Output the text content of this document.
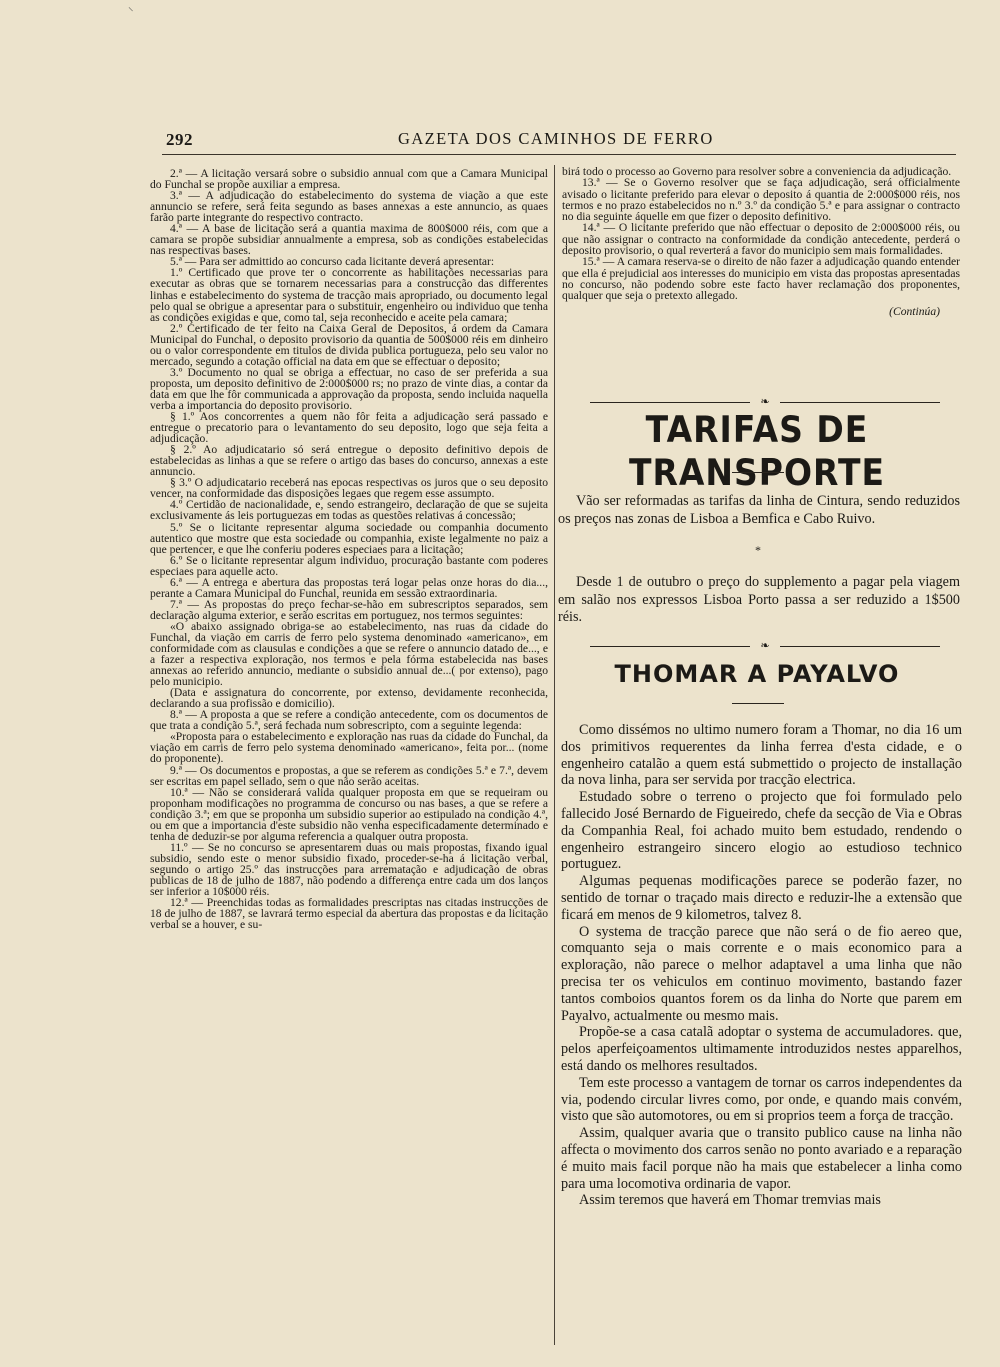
⸌
292	GAZETA DOS CAMINHOS DE FERRO

2.ª — A licitação versará sobre o subsidio annual com que a Camara Municipal do Funchal se propõe auxiliar a empresa.

3.ª — A adjudicação do estabelecimento do systema de viação a que este annuncio se refere, será feita segundo as bases annexas a este annuncio, as quaes farão parte integrante do respectivo contracto.

4.ª — A base de licitação será a quantia maxima de 800$000 réis, com que a camara se propõe subsidiar annualmente a empresa, sob as condições estabelecidas nas respectivas bases.

5.ª — Para ser admittido ao concurso cada licitante deverá apresentar:

1.º Certificado que prove ter o concorrente as habilitações necessarias para executar as obras que se tornarem necessarias para a construcção das differentes linhas e estabelecimento do systema de tracção mais apropriado, ou documento legal pelo qual se obrigue a apresentar para o substituir, engenheiro ou individuo que tenha as condições exigidas e que, como tal, seja reconhecido e aceite pela camara;

2.º Certificado de ter feito na Caixa Geral de Depositos, á ordem da Camara Municipal do Funchal, o deposito provisorio da quantia de 500$000 réis em dinheiro ou o valor correspondente em titulos de divida publica portugueza, pelo seu valor no mercado, segundo a cotação official na data em que se effectuar o deposito;

3.º Documento no qual se obriga a effectuar, no caso de ser preferida a sua proposta, um deposito definitivo de 2:000$000 rs; no prazo de vinte dias, a contar da data em que lhe fôr communicada a approvação da proposta, sendo incluida naquella verba a importancia do deposito provisorio.

§ 1.º Aos concorrentes a quem não fôr feita a adjudicação será passado e entregue o precatorio para o levantamento do seu deposito, logo que seja feita a adjudicação.

§ 2.º Ao adjudicatario só será entregue o deposito definitivo depois de estabelecidas as linhas a que se refere o artigo das bases do concurso, annexas a este annuncio.

§ 3.º O adjudicatario receberá nas epocas respectivas os juros que o seu deposito vencer, na conformidade das disposições legaes que regem esse assumpto.

4.º Certidão de nacionalidade, e, sendo estrangeiro, declaração de que se sujeita exclusivamente ás leis portuguezas em todas as questões relativas á concessão;

5.º Se o licitante representar alguma sociedade ou companhia documento autentico que mostre que esta sociedade ou companhia, existe legalmente no paiz a que pertencer, e que lhe conferiu poderes especiaes para a licitação;

6.º Se o licitante representar algum individuo, procuração bastante com poderes especiaes para aquelle acto.

6.ª — A entrega e abertura das propostas terá logar pelas onze horas do dia..., perante a Camara Municipal do Funchal, reunida em sessão extraordinaria.

7.ª — As propostas do preço fechar-se-hão em subrescriptos separados, sem declaração alguma exterior, e serão escritas em portuguez, nos termos seguintes:

«O abaixo assignado obriga-se ao estabelecimento, nas ruas da cidade do Funchal, da viação em carris de ferro pelo systema denominado «americano», em conformidade com as clausulas e condições a que se refere o annuncio datado de..., e a fazer a respectiva exploração, nos termos e pela fórma estabelecida nas bases annexas ao referido annuncio, mediante o subsidio annual de...( por extenso), pago pelo municipio.

(Data e assignatura do concorrente, por extenso, devidamente reconhecida, declarando a sua profissão e domicilio).

8.ª — A proposta a que se refere a condição antecedente, com os documentos de que trata a condição 5.ª, será fechada num sobrescripto, com a seguinte legenda:

«Proposta para o estabelecimento e exploração nas ruas da cidade do Funchal, da viação em carris de ferro pelo systema denominado «americano», feita por... (nome do proponente).

9.ª — Os documentos e propostas, a que se referem as condições 5.ª e 7.ª, devem ser escritas em papel sellado, sem o que não serão aceitas.

10.ª — Não se considerará valida qualquer proposta em que se requeiram ou proponham modificações no programma de concurso ou nas bases, a que se refere a condição 3.ª; em que se proponha um subsidio superior ao estipulado na condição 4.ª, ou em que a importancia d'este subsidio não venha especificadamente determinado e tenha de deduzir-se por alguma referencia a qualquer outra proposta.

11.º — Se no concurso se apresentarem duas ou mais propostas, fixando igual subsidio, sendo este o menor subsidio fixado, proceder-se-ha á licitação verbal, segundo o artigo 25.º das instrucções para arrematação e adjudicação de obras publicas de 18 de julho de 1887, não podendo a differença entre cada um dos lanços ser inferior a 10$000 réis.

12.ª — Preenchidas todas as formalidades prescriptas nas citadas instrucções de 18 de julho de 1887, se lavrará termo especial da abertura das propostas e da licitação verbal se a houver, e su-

birá todo o processo ao Governo para resolver sobre a conveniencia da adjudicação.

13.ª — Se o Governo resolver que se faça adjudicação, será officialmente avisado o licitante preferido para elevar o deposito á quantia de 2:000$000 réis, nos termos e no prazo estabelecidos no n.º 3.º da condição 5.ª e para assignar o contracto no dia seguinte áquelle em que fizer o deposito definitivo.

14.ª — O licitante preferido que não effectuar o deposito de 2:000$000 réis, ou que não assignar o contracto na conformidade da condição antecedente, perderá o deposito provisorio, o qual reverterá a favor do municipio sem mais formalidades.

15.ª — A camara reserva-se o direito de não fazer a adjudicação quando entender que ella é prejudicial aos interesses do municipio em vista das propostas apresentadas no concurso, não podendo sobre este facto haver reclamação dos proponentes, qualquer que seja o pretexto allegado.

(Continúa)
❧
TARIFAS DE TRANSPORTE

Vão ser reformadas as tarifas da linha de Cintura, sendo reduzidos os preços nas zonas de Lisboa a Bemfica e Cabo Ruivo.

*

Desde 1 de outubro o preço do supplemento a pagar pela viagem em salão nos expressos Lisboa Porto passa a ser reduzido a 1$500 réis.

❧
THOMAR A PAYALVO

Como dissémos no ultimo numero foram a Thomar, no dia 16 um dos primitivos requerentes da linha ferrea d'esta cidade, e o engenheiro catalão a quem está submettido o projecto de installação da nova linha, para ser servida por tracção electrica.

Estudado sobre o terreno o projecto que foi formulado pelo fallecido José Bernardo de Figueiredo, chefe da secção de Via e Obras da Companhia Real, foi achado muito bem estudado, rendendo o engenheiro estrangeiro sincero elogio ao estudioso technico portuguez.

Algumas pequenas modificações parece se poderão fazer, no sentido de tornar o traçado mais directo e reduzir-lhe a extensão que ficará em menos de 9 kilometros, talvez 8.

O systema de tracção parece que não será o de fio aereo que, comquanto seja o mais corrente e o mais economico para a exploração, não parece o melhor adaptavel a uma linha que não precisa ter os vehiculos em continuo movimento, bastando fazer tantos comboios quantos forem os da linha do Norte que parem em Payalvo, actualmente ou mesmo mais.

Propõe-se a casa catalã adoptar o systema de accumuladores. que, pelos aperfeiçoamentos ultimamente introduzidos nestes apparelhos, está dando os melhores resultados.

Tem este processo a vantagem de tornar os carros independentes da via, podendo circular livres como, por onde, e quando mais convém, visto que são automotores, ou em si proprios teem a força de tracção.

Assim, qualquer avaria que o transito publico cause na linha não affecta o movimento dos carros senão no ponto avariado e a reparação é muito mais facil porque não ha mais que estabelecer a linha como para uma locomotiva ordinaria de vapor.

Assim teremos que haverá em Thomar tremvias mais
